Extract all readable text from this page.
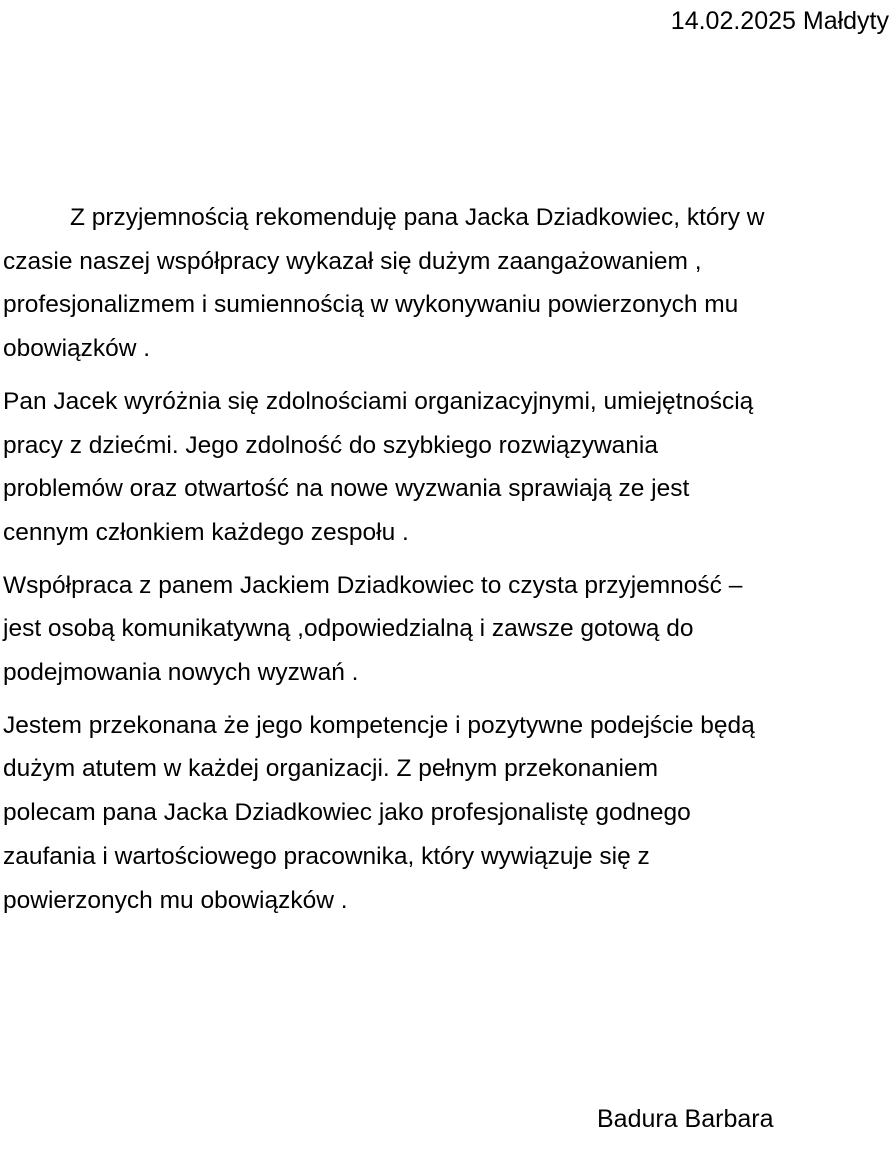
14.02.2025 Małdyty

Z przyjemnością rekomenduję pana Jacka Dziadkowiec, który w
czasie naszej współpracy wykazał się dużym zaangażowaniem ,
profesjonalizmem i sumiennością w wykonywaniu powierzonych mu
obowiązków .

Pan Jacek wyróżnia się zdolnościami organizacyjnymi, umiejętnością
pracy z dziećmi. Jego zdolność do szybkiego rozwiązywania
problemów oraz otwartość na nowe wyzwania sprawiają ze jest
cennym członkiem każdego zespołu .

Współpraca z panem Jackiem Dziadkowiec to czysta przyjemność –
jest osobą komunikatywną ,odpowiedzialną i zawsze gotową do
podejmowania nowych wyzwań .

Jestem przekonana że jego kompetencje i pozytywne podejście będą
dużym atutem w każdej organizacji. Z pełnym przekonaniem
polecam pana Jacka Dziadkowiec jako profesjonalistę godnego
zaufania i wartościowego pracownika, który wywiązuje się z
powierzonych mu obowiązków .

Badura Barbara
